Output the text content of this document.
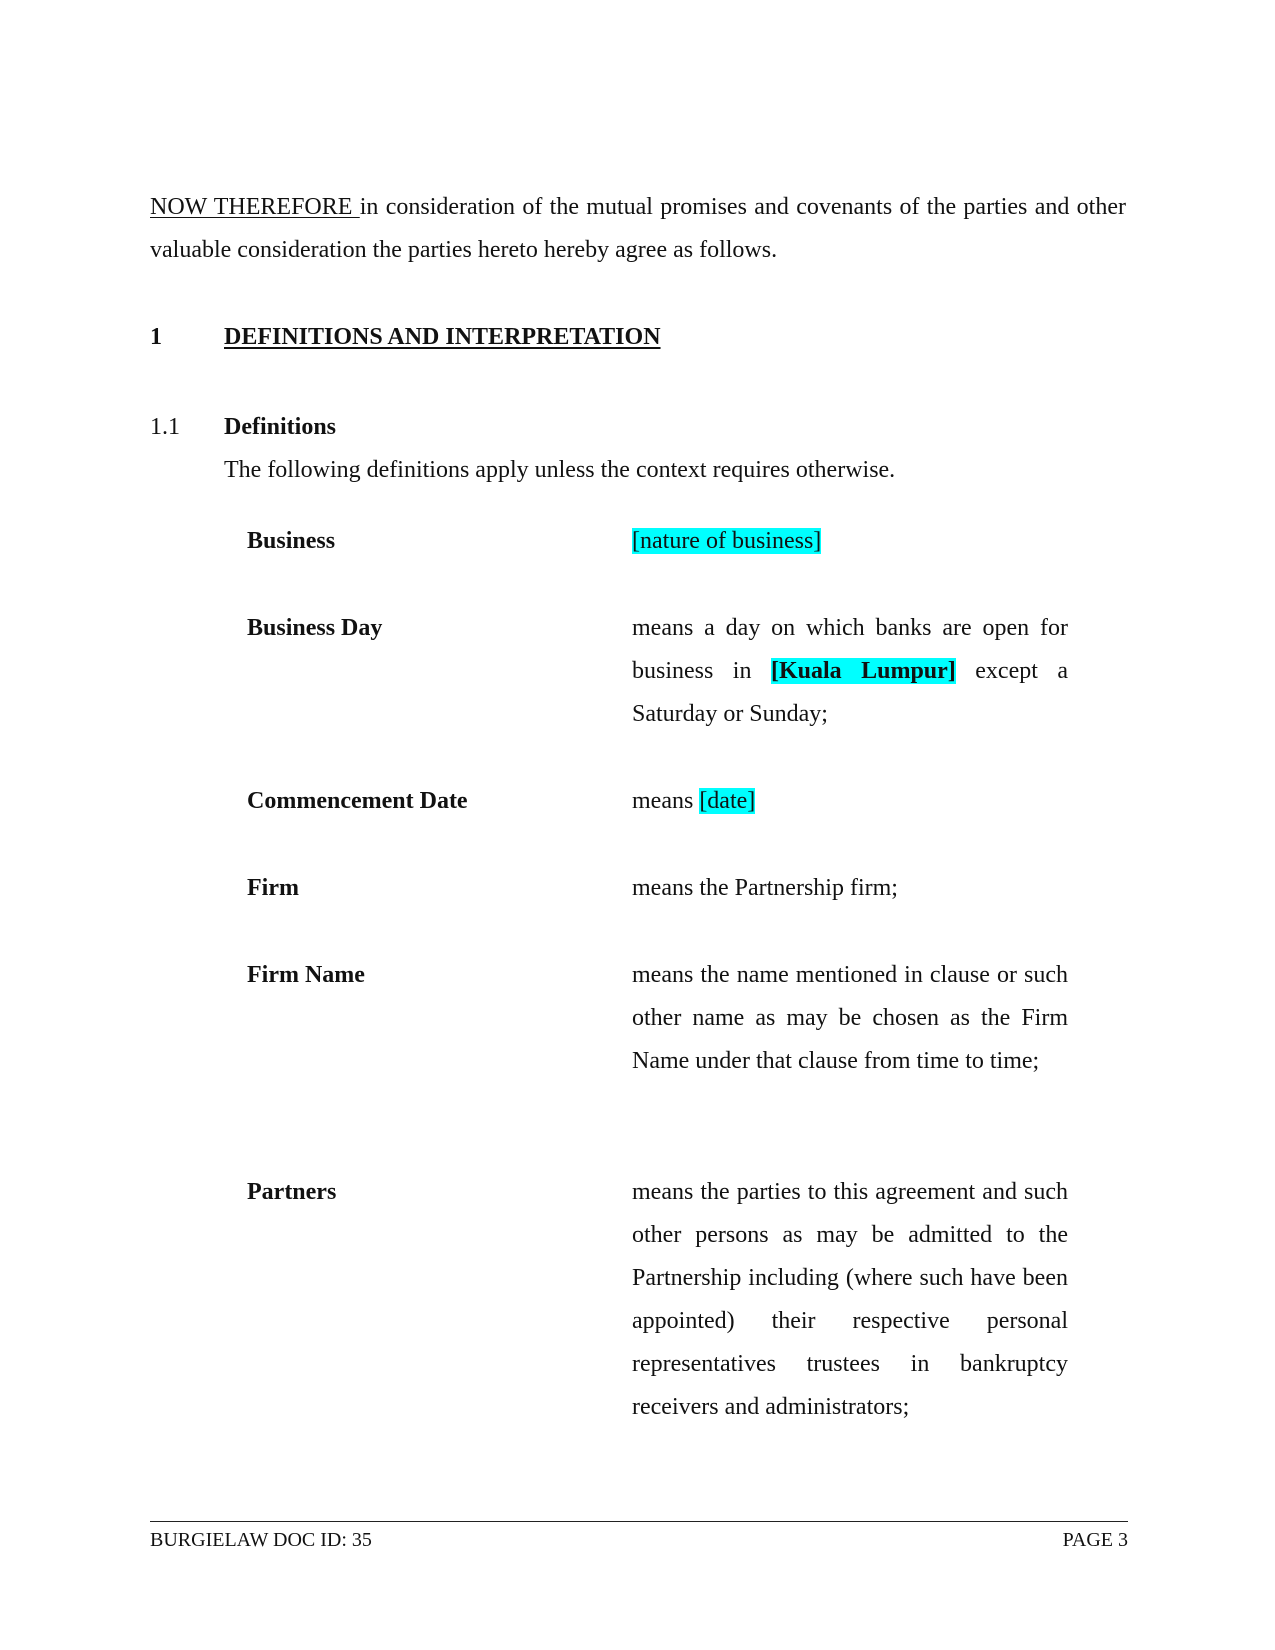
NOW THEREFORE in consideration of the mutual promises and covenants of the parties and other valuable consideration the parties hereto hereby agree as follows.

1	DEFINITIONS AND INTERPRETATION
1.1 Definitions
The following definitions apply unless the context requires otherwise.
Business	[nature of business]

Business Day	means a day on which banks are open for business in [Kuala Lumpur] except a Saturday or Sunday;

Commencement Date	means [date]

Firm	means the Partnership firm;

Firm Name	means the name mentioned in clause or such other name as may be chosen as the Firm Name under that clause from time to time;

Partners	means the parties to this agreement and such other persons as may be admitted to the Partnership including (where such have been appointed) their respective personal representatives trustees in bankruptcy receivers and administrators;

BURGIELAW DOC ID: 35	PAGE 3
